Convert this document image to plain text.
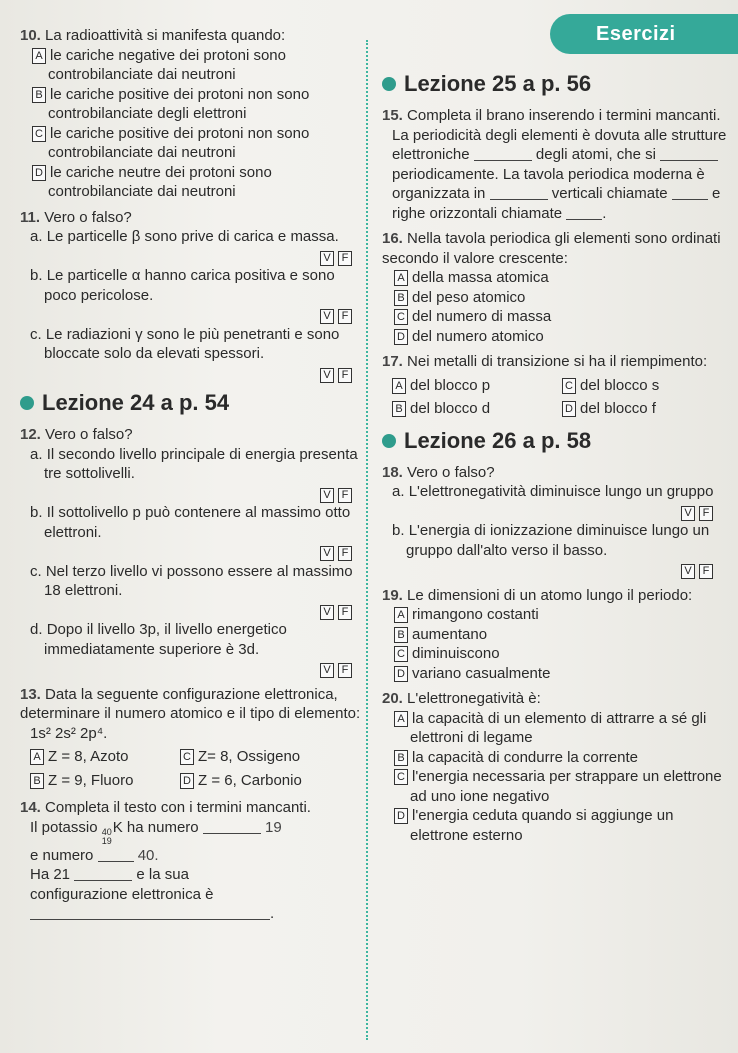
Esercizi
10. La radioattività si manifesta quando:
A le cariche negative dei protoni sono controbilanciate dai neutroni
B le cariche positive dei protoni non sono controbilanciate degli elettroni
C le cariche positive dei protoni non sono controbilanciate dai neutroni
D le cariche neutre dei protoni sono controbilanciate dai neutroni
11. Vero o falso?
a. Le particelle β sono prive di carica e massa.
V F
b. Le particelle α hanno carica positiva e sono poco pericolose.
V F
c. Le radiazioni γ sono le più penetranti e sono bloccate solo da elevati spessori.
V F
Lezione 24 a p. 54
12. Vero o falso?
a. Il secondo livello principale di energia presenta tre sottolivelli.
V F
b. Il sottolivello p può contenere al massimo otto elettroni.
V F
c. Nel terzo livello vi possono essere al massimo 18 elettroni.
V F
d. Dopo il livello 3p, il livello energetico immediatamente superiore è 3d.
V F
13. Data la seguente configurazione elettronica, determinare il numero atomico e il tipo di elemento:
1s² 2s² 2p⁴.
A Z = 8, Azoto	C Z= 8, Ossigeno
B Z = 9, Fluoro	D Z = 6, Carbonio
14. Completa il testo con i termini mancanti.
Il potassio 40
19
K ha numero	19
e numero	40.
Ha 21	e la sua
configurazione elettronica è
.
Lezione 25 a p. 56
15. Completa il brano inserendo i termini mancanti.
La periodicità degli elementi è dovuta alle strutture elettroniche	degli atomi, che si  periodicamente. La tavola periodica moderna è organizzata in	verticali chiamate	e righe orizzontali chiamate	.
16. Nella tavola periodica gli elementi sono ordinati secondo il valore crescente:
A della massa atomica
B del peso atomico
C del numero di massa
D del numero atomico
17. Nei metalli di transizione si ha il riempimento:
A del blocco p	C del blocco s
B del blocco d	D del blocco f
Lezione 26 a p. 58
18. Vero o falso?
a. L'elettronegatività diminuisce lungo un gruppo
V F
b. L'energia di ionizzazione diminuisce lungo un gruppo dall'alto verso il basso.
V F
19. Le dimensioni di un atomo lungo il periodo:
A rimangono costanti
B aumentano
C diminuiscono
D variano casualmente
20. L'elettronegatività è:
A la capacità di un elemento di attrarre a sé gli elettroni di legame
B la capacità di condurre la corrente
C l'energia necessaria per strappare un elettrone ad uno ione negativo
D l'energia ceduta quando si aggiunge un elettrone esterno
